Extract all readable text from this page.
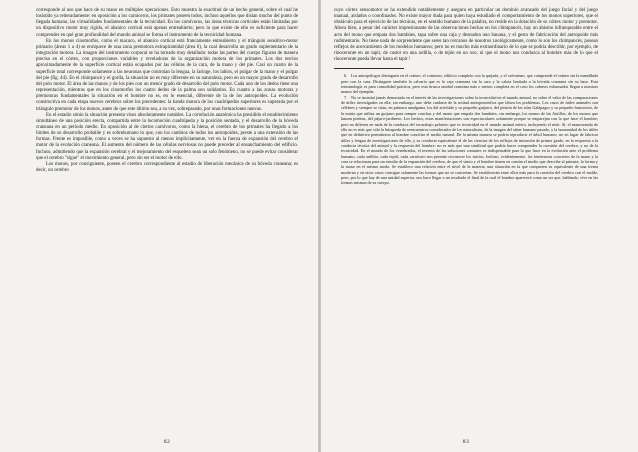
corresponde al uso que hace de su mano en múltiples operaciones. Esto muestra la exactitud de un hecho general, sobre el cual he insistido ya reiteradamente: en oposición a los carniceros, los primates poseen todos, incluso aquellos que distan mucho del punto de llegada humano, las virtualidades fundamentales de la tecnicidad. En los carnívoros, las áreas técnicas corticales están limitadas por un dispositivo motor muy rígido, el abanico cortical está apenas entreabierto; pero lo que existe de ello es suficiente para hacer comprender en qué gran profundidad del mundo animal se forma el instrumento de la tecnicidad humana.

En los monos cinomorfos, como el macaco, el abanico cortical está francamente entreabierto y el triángulo sensitivo-motor primario (áreas 1 a 4) se enriquece de una zona premotora extrapiramidal (área 6), la cual desarrolla un grado suplementario de la integración motora. La imagen del instrumento corporal se ha tornado muy detallada: todas las partes del cuerpo figuran de manera precisa en el córtex, con proporciones variables y reveladoras de la organización motora de los primates. Los dos tercios aproximadamente de la superficie cortical están ocupados por las células de la cara, de la mano y del pie. Casi un cuarto de la superficie total corresponde solamente a las neuronas que controlan la lengua, la laringe, los labios, el pulgar de la mano y el pulgar del pie (fig. 44). En el chimpancé y el gorila, la situación no es muy diferente en su naturaleza, pero en un mayor grado de desarrollo del polo motor. El área de las manos y de los pies con un menor grado de desarrollo del polo motor. Cada uno de los dedos tiene una representación, mientras que en los cinomorfos los cuatro dedos de la palma son solidarios. En cuanto a las zonas motoras y premotoras fundamentales la situación en el hombre no es, en lo esencial, diferente de la de los antropoides. La evolución constructiva en cada etapa nuevos cerebros sobre los precedentes: la banda motora de los cuadrúpedos superiores es superada por el triángulo premotor de los monos, antes de que este último sea, a su vez, sobrepasado, por unas formaciones nuevas.

En el estadio simio la situación presenta visos absolutamente notables. La correlación anatómica ha presidido el establecimiento simultáneo de una posición erecta, compartida entre la locomoción cuadrúpeda y la posición sentada, y el desarrollo de la bóveda craneana en un período medio. En oposición al de ciertos carnívoros, como la hiena, el cerebro de los primates ha llegado a los límites de su desarrollo probable y es sobrehumano lo que, con los cambios de todos los antropoides, preste a una extensión de las formas. Frente es imposible, como a veces se ha supuesto al menos implícitamente, ver en la fuerza de expansión del cerebro el motor de la evolución craneana. El aumento del número de las células nerviosas no puede preceder al ensanchamiento del edificio. Incluso, admitiendo que la expansión cerebral y el mejoramiento del esqueleto sean un solo fenómeno, no se puede evitar considerar que el cerebro "sigue" el movimiento general, pero sin ser el motor de ello.

Los monos, por consiguiente, poseen el cerebro correspondiente al estadio de liberación mecánica de su bóveda craneana; es decir, un cerebro

82

cuyo córtex sensomotor se ha extendido notablemente y asegura en particular un dominio avanzado del juego facial y del juego manual, aislados o coordinados. No existe mayor duda para quien haya estudiado el comportamiento de los monos superiores, que el obstáculo para el ejercicio de las técnicas, en el sentido humano de la palabra, no reside en la dotación de su córtex motor y premotor. Ahora bien, a pesar del carácter impresionante de las observaciones hechas en los chimpancés, hay un abismo infranqueable entre el acto del mono que empata dos bambúes, tapa sobre una caja y desnudea uno banana, y el gesto de fabricación del antropoide más rudimentario. No tiene nada de sorprendente que seres tan cercanos de nosotros zoológicamente, como lo son los chimpancés, posean reflejos de acercamiento de los modelos humanos; pero no es mucho más extraordinario de lo que se podría describir, por ejemplo, de rinoceronte en un tapir, de castor en una ardilla, o de tejón en un oso; ni que el mono nos conduzca al hombre más de lo que el rinoceronte pueda llevar hasta el tapir.¹

6. Los antropólogos distinguen en el cráneo, el contorno, edificio completo con la quijada, y el calvarium, que comprende el cráneo sin la mandíbula pero con la cara. Distinguen también la calvaria que es la caja craneana sin la cara y la calota limitada a la bóveda craneana sin su base. Esta terminología es para comodidad práctica, pero esta brusca unidad craneana más o menos completa en el caso los cráneos exhumados llegan a nuestras manos del ejemplar.

7. No se insistirá jamás demasiado en el interés de las investigaciones sobre la tecnicidad en el mundo animal, no sobre el valor de las comparaciones de útiles investigados en ella; sin embargo, uno debe cuidarse de la actitud antropomórfica que falsea los problemas. Los casos de útiles animales son célebres y siempre se citan, en primera amalgama, los del aráchido y su pequeño guijarro, del pinzón de las islas Galápagos y su pequeño bastoncito, de la nutria que utiliza un guijarro para romper conchas y del mono que empala dos bambúes; sin embargo, los monos de las Antillas, de los monos que lanzan piedras, del pájaro-jardinero. Los hechos, estas manifestaciones son espectaculares solamente porque se emparejan con lo que hace el hombre; pero no difieren en nada de la conducta del escarabajo pelotero que es tecnicidad en el mundo animal entero, incluyendo el nido. Sí, el manoseando de ello no es más que sólo la búsqueda de reencuentros considerados de los naturalistas, de la imagen del saber humano pasado, y la humanidad de los útiles que en definitiva permitieron al hombre conciliar el medio natural. De la misma manera se podría reproducir el árbol humano, no en lugar de fabricar útiles y lengua de investigaciones de ello, y su conducta equivalente el de las ciencias de los reflejos de imitación de primer grado, en la respuesta a la conducta técnica del animal y la respuesta del hombre: no es más que una similitud que podría hacer comprender la cuestión del cerebro, y no de la tecnicidad. En el mundo de los vertebrados, el invento de las soluciones comunes es indispensable para lo que hace en la evolución ante el problema humano, cada anfibio, cada reptil, cada carnívoro nos permite reconocer los inicios. Incluso, evidentemente, los fenómenos concretos de la mano y la cara se relacionan para un estudio de la expansión del cerebro, de que el simio y el hombre tienen en común el medio que describe al primate, la forma y la mano en el mismo modo. Se establece una relación entre el nivel de la materia, una situación en la que comparten su equivalente de una forma moderna y en otros casos consigue solamente las formas que no se concretan. Se establecerán entre ellos más para la cuestión del cerebro con el molde, pero, por lo que hay de una unidad superior, nos hace llegar a un resultado el final de la cual el hombre aparecerá como un ser que, hablando, vive en las formas mismas de su cuerpo.

83
